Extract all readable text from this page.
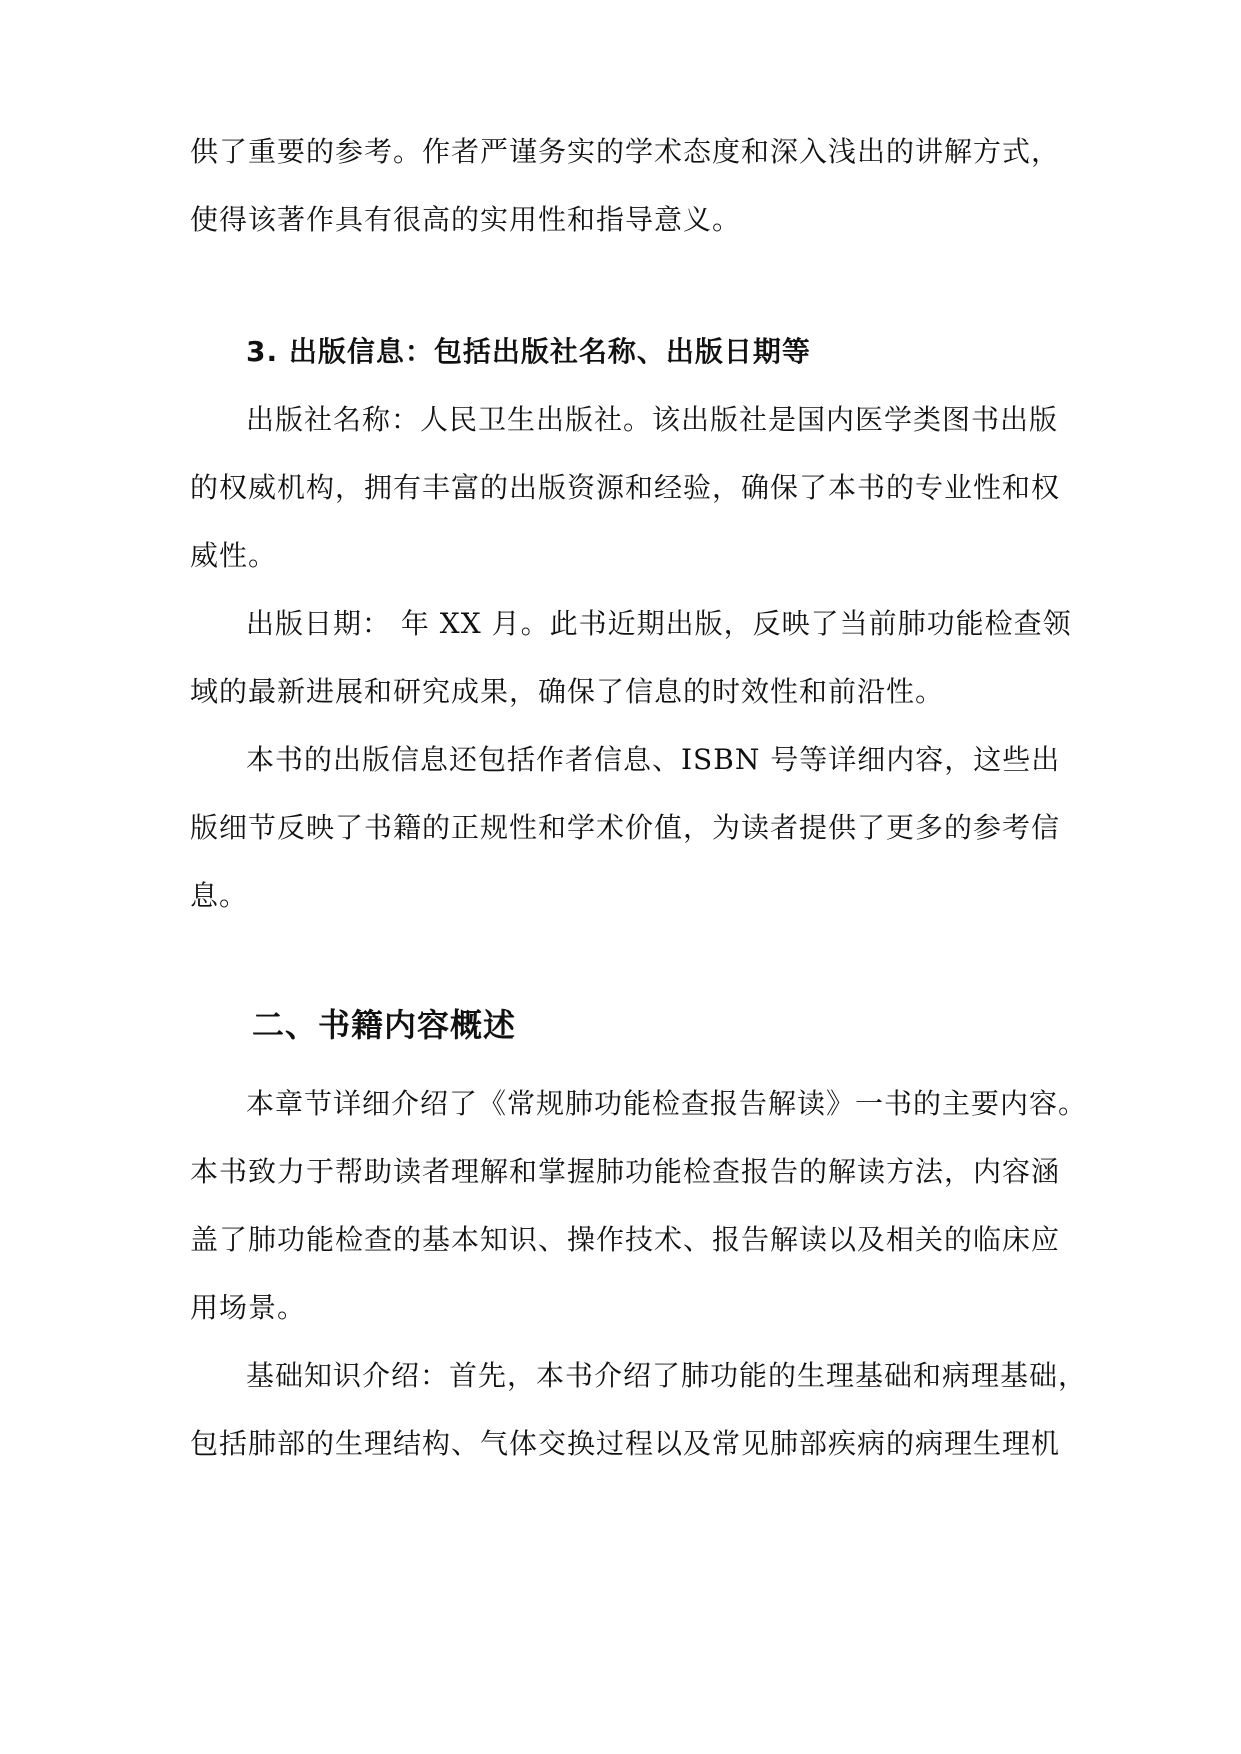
供了重要的参考。作者严谨务实的学术态度和深入浅出的讲解方式，
使得该著作具有很高的实用性和指导意义。
3. 出版信息：包括出版社名称、出版日期等
出版社名称：人民卫生出版社。该出版社是国内医学类图书出版
的权威机构，拥有丰富的出版资源和经验，确保了本书的专业性和权
威性。
出版日期： 年 XX 月。此书近期出版，反映了当前肺功能检查领
域的最新进展和研究成果，确保了信息的时效性和前沿性。
本书的出版信息还包括作者信息、ISBN 号等详细内容，这些出
版细节反映了书籍的正规性和学术价值，为读者提供了更多的参考信
息。
二、书籍内容概述
本章节详细介绍了《常规肺功能检查报告解读》一书的主要内容。
本书致力于帮助读者理解和掌握肺功能检查报告的解读方法，内容涵
盖了肺功能检查的基本知识、操作技术、报告解读以及相关的临床应
用场景。
基础知识介绍：首先，本书介绍了肺功能的生理基础和病理基础，
包括肺部的生理结构、气体交换过程以及常见肺部疾病的病理生理机
